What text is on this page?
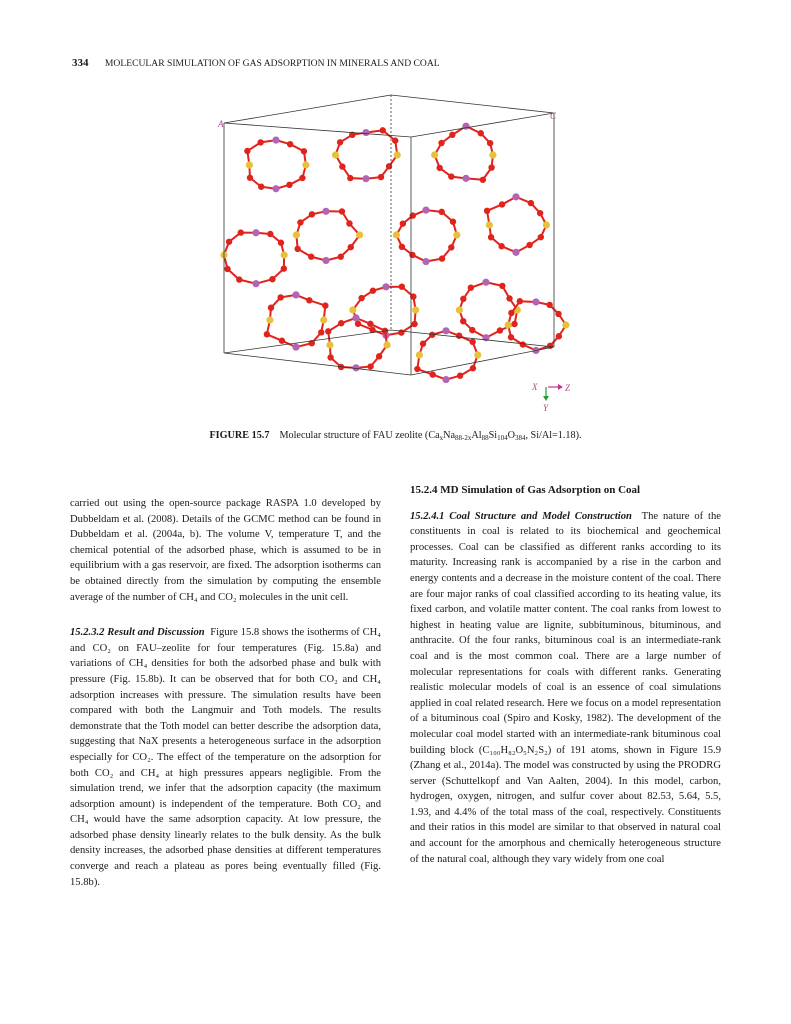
334 MOLECULAR SIMULATION OF GAS ADSORPTION IN MINERALS AND COAL
A
C
X	Z
Y
FIGURE 15.7 Molecular structure of FAU zeolite ($Ca_xNa_{88-2x}Al_{88}Si_{104}O_{384}$, Si/Al=1.18).

carried out using the open-source package RASPA 1.0 developed by Dubbeldam et al. (2008). Details of the GCMC method can be found in Dubbeldam et al. (2004a, b). The volume V, temperature T, and the chemical potential of the adsorbed phase, which is assumed to be in equilibrium with a gas reservoir, are fixed. The adsorption isotherms can be obtained directly from the simulation by computing the ensemble average of the number of CH₄ and CO₂ molecules in the unit cell.

15.2.3.2 Result and Discussion Figure 15.8 shows the isotherms of CH₄ and CO₂ on FAU–zeolite for four temperatures (Fig. 15.8a) and variations of CH₄ densities for both the adsorbed phase and bulk with pressure (Fig. 15.8b). It can be observed that for both CO₂ and CH₄ adsorption increases with pressure. The simulation results have been compared with both the Langmuir and Toth models. The results demonstrate that the Toth model can better describe the adsorption data, suggesting that NaX presents a heterogeneous surface in the adsorption especially for CO₂. The effect of the temperature on the adsorption for both CO₂ and CH₄ at high pressures appears negligible. From the simulation trend, we infer that the adsorption capacity (the maximum adsorption amount) is independent of the temperature. Both CO₂ and CH₄ would have the same adsorption capacity. At low pressure, the adsorbed phase density linearly relates to the bulk density. As the bulk density increases, the adsorbed phase densities at different temperatures converge and reach a plateau as pores being eventually filled (Fig. 15.8b).

15.2.4 MD Simulation of Gas Adsorption on Coal

15.2.4.1 Coal Structure and Model Construction The nature of the constituents in coal is related to its biochemical and geochemical processes. Coal can be classified as different ranks according to its maturity. Increasing rank is accompanied by a rise in the carbon and energy contents and a decrease in the moisture content of the coal. There are four major ranks of coal classified according to its heating value, its fixed carbon, and volatile matter content. The coal ranks from lowest to highest in heating value are lignite, subbituminous, bituminous, and anthracite. Of the four ranks, bituminous coal is an intermediate-rank coal and is the most common coal. There are a large number of molecular representations for coals with different ranks. Generating realistic molecular models of coal is an essence of coal simulations applied in coal related research. Here we focus on a model representation of a bituminous coal (Spiro and Kosky, 1982). The development of the molecular coal model started with an intermediate-rank bituminous coal building block (C₁₀₀H₈₂O₅N₂S₂) of 191 atoms, shown in Figure 15.9 (Zhang et al., 2014a). The model was constructed by using the PRODRG server (Schuttelkopf and Van Aalten, 2004). In this model, carbon, hydrogen, oxygen, nitrogen, and sulfur cover about 82.53, 5.64, 5.5, 1.93, and 4.4% of the total mass of the coal, respectively. Constituents and their ratios in this model are similar to that observed in natural coal and account for the amorphous and chemically heterogeneous structure of the natural coal, although they vary widely from one coal
